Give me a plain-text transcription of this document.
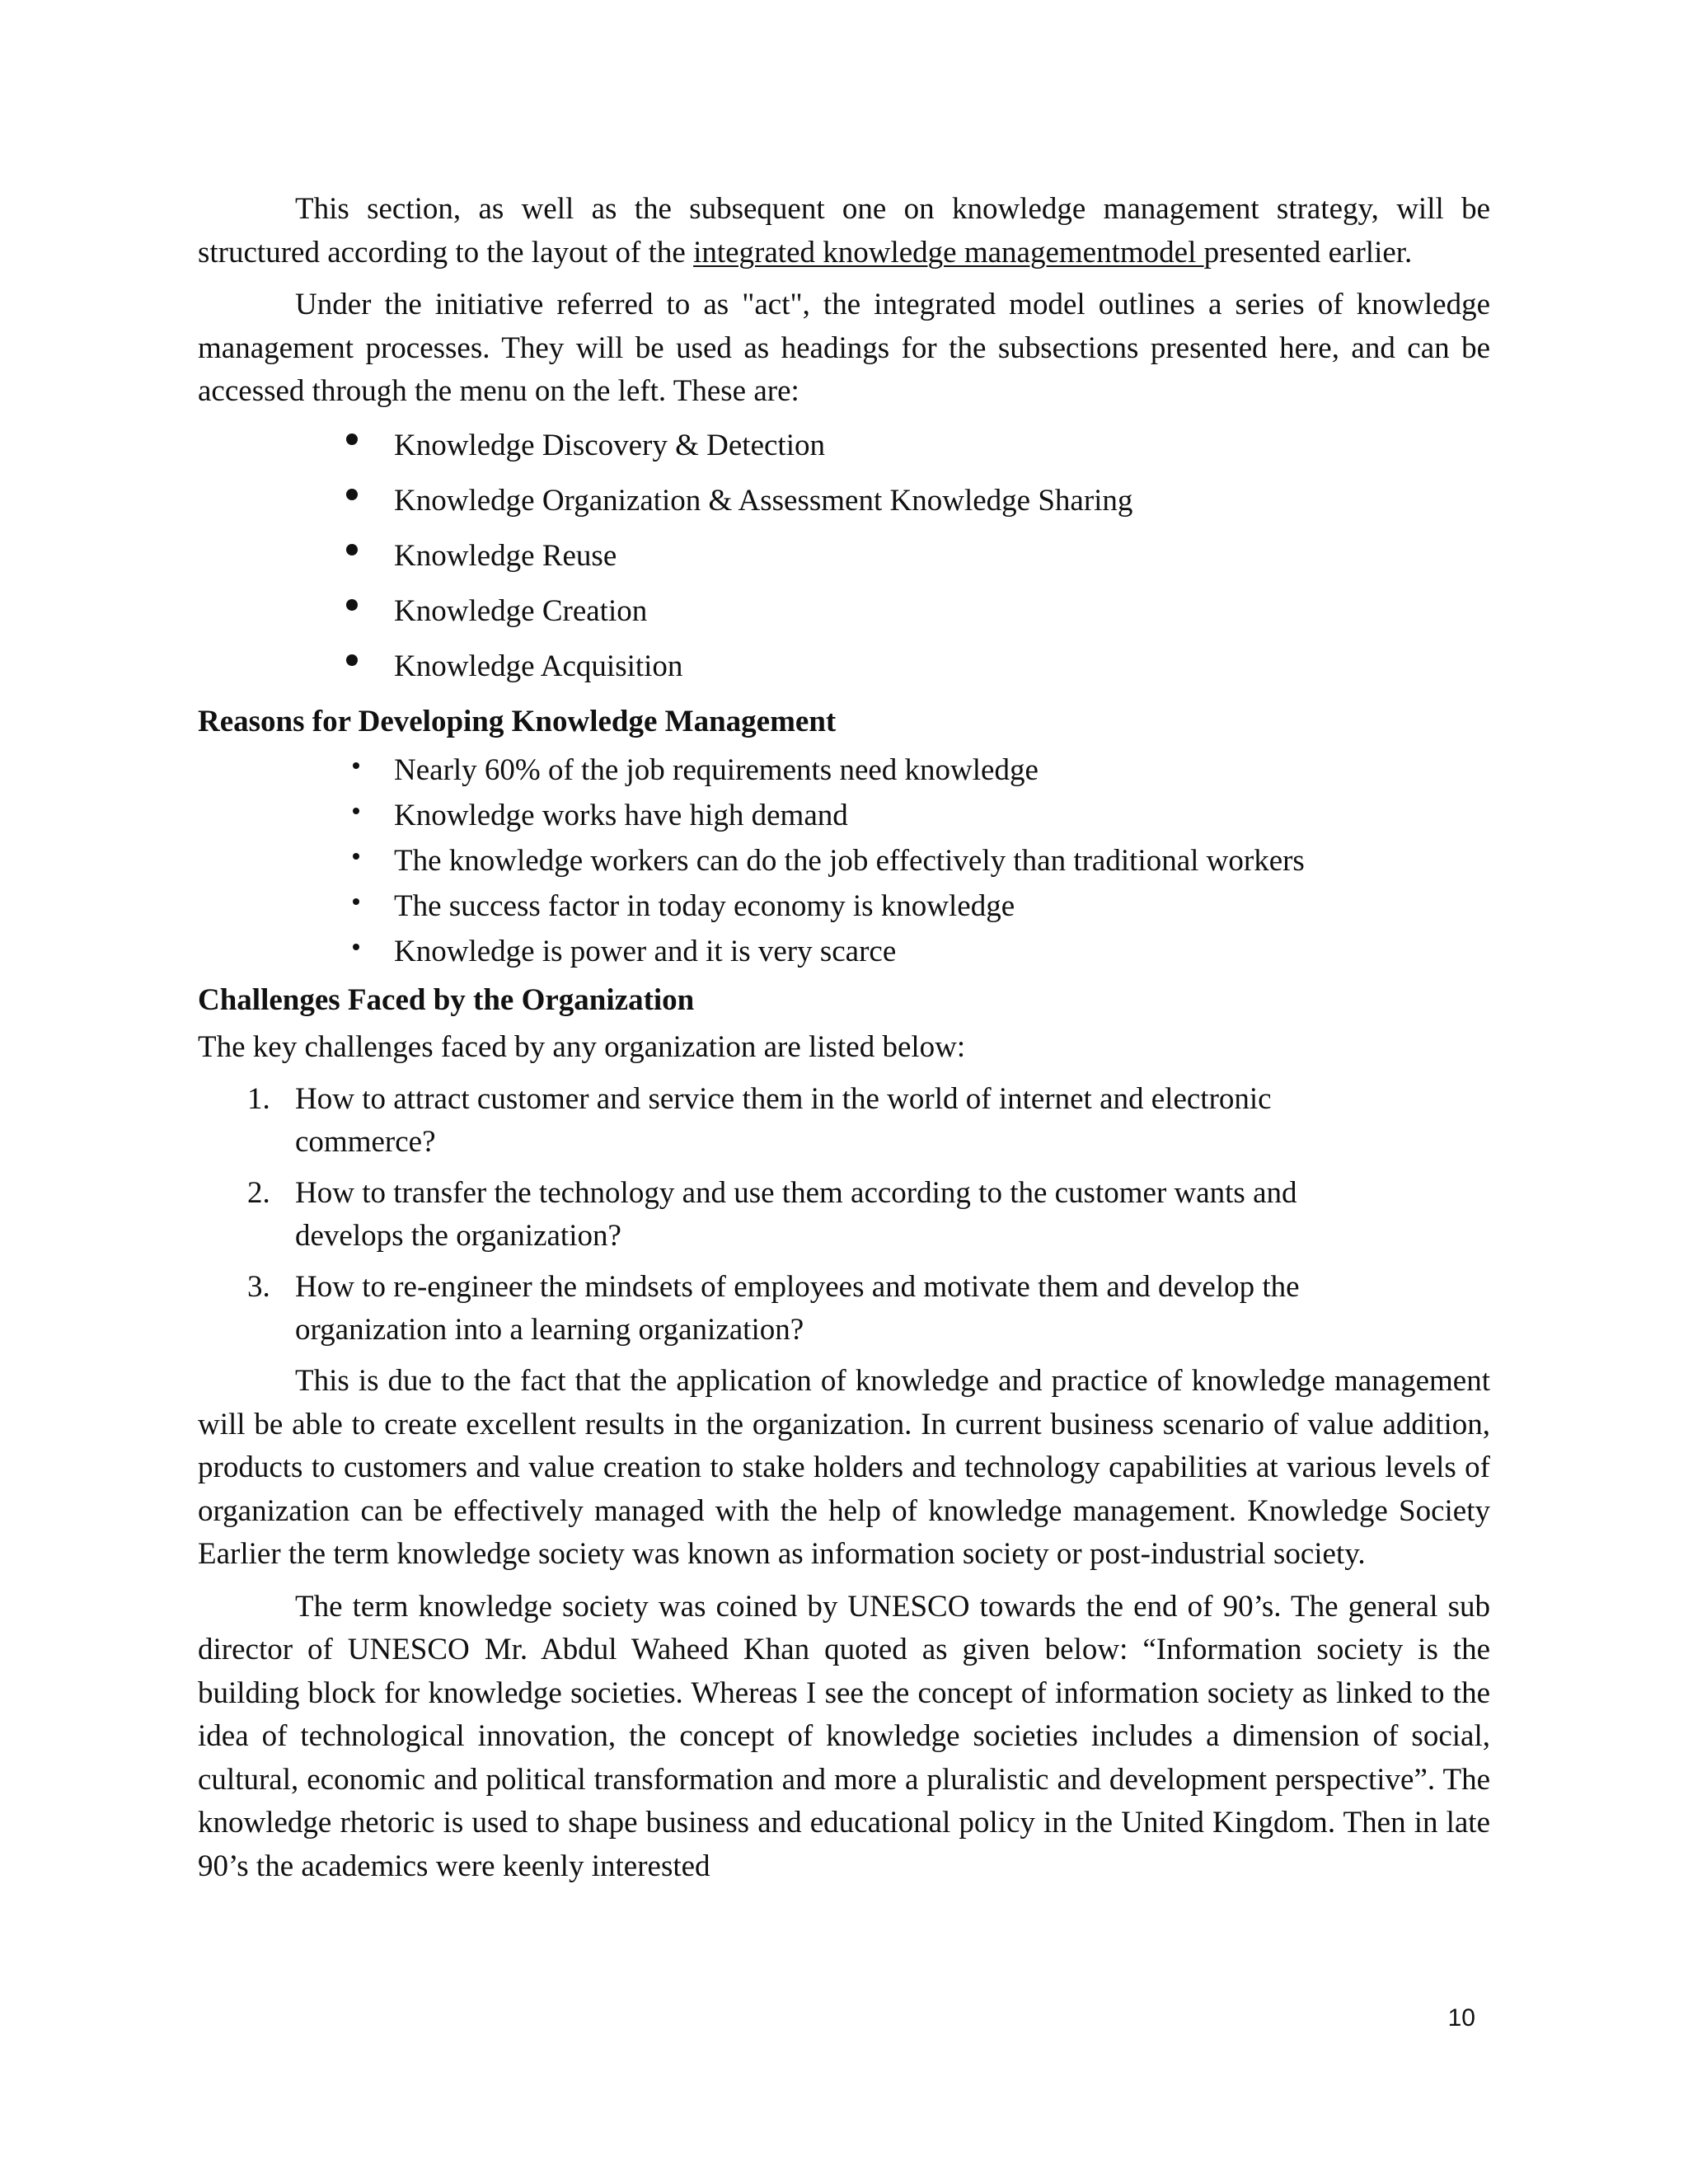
This section, as well as the subsequent one on knowledge management strategy, will be structured according to the layout of the integrated knowledge managementmodel presented earlier.

Under the initiative referred to as "act", the integrated model outlines a series of knowledge management processes. They will be used as headings for the subsections presented here, and can be accessed through the menu on the left. These are:

Knowledge Discovery & Detection
Knowledge Organization & Assessment Knowledge Sharing
Knowledge Reuse
Knowledge Creation
Knowledge Acquisition
Reasons for Developing Knowledge Management
Nearly 60% of the job requirements need knowledge
Knowledge works have high demand
The knowledge workers can do the job effectively than traditional workers
The success factor in today economy is knowledge
Knowledge is power and it is very scarce
Challenges Faced by the Organization

The key challenges faced by any organization are listed below:

1. How to attract customer and service them in the world of internet and electronic commerce?
2. How to transfer the technology and use them according to the customer wants and develops the organization?
3. How to re-engineer the mindsets of employees and motivate them and develop the organization into a learning organization?

This is due to the fact that the application of knowledge and practice of knowledge management will be able to create excellent results in the organization. In current business scenario of value addition, products to customers and value creation to stake holders and technology capabilities at various levels of organization can be effectively managed with the help of knowledge management. Knowledge Society Earlier the term knowledge society was known as information society or post-industrial society.

The term knowledge society was coined by UNESCO towards the end of 90’s. The general sub director of UNESCO Mr. Abdul Waheed Khan quoted as given below: “Information society is the building block for knowledge societies. Whereas I see the concept of information society as linked to the idea of technological innovation, the concept of knowledge societies includes a dimension of social, cultural, economic and political transformation and more a pluralistic and development perspective”. The knowledge rhetoric is used to shape business and educational policy in the United Kingdom. Then in late 90’s the academics were keenly interested

10
